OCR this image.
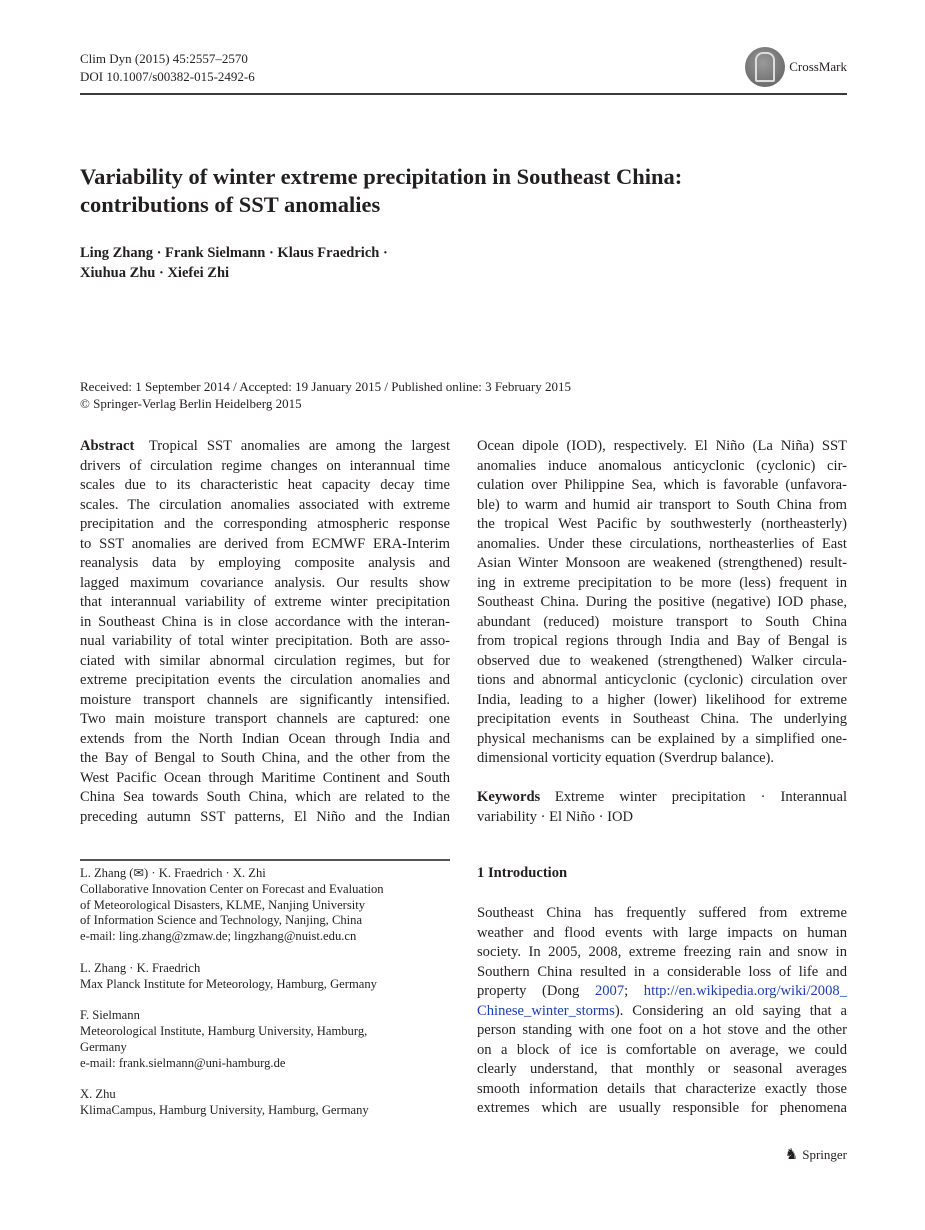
Clim Dyn (2015) 45:2557–2570
DOI 10.1007/s00382-015-2492-6
CrossMark
Variability of winter extreme precipitation in Southeast China:
contributions of SST anomalies
Ling Zhang · Frank Sielmann · Klaus Fraedrich ·
Xiuhua Zhu · Xiefei Zhi
Received: 1 September 2014 / Accepted: 19 January 2015 / Published online: 3 February 2015
© Springer-Verlag Berlin Heidelberg 2015
Abstract   Tropical SST anomalies are among the largest
drivers of circulation regime changes on interannual time
scales due to its characteristic heat capacity decay time
scales. The circulation anomalies associated with extreme
precipitation and the corresponding atmospheric response
to SST anomalies are derived from ECMWF ERA-Interim
reanalysis data by employing composite analysis and
lagged maximum covariance analysis. Our results show
that interannual variability of extreme winter precipitation
in Southeast China is in close accordance with the interan-
nual variability of total winter precipitation. Both are asso-
ciated with similar abnormal circulation regimes, but for
extreme precipitation events the circulation anomalies and
moisture transport channels are significantly intensified.
Two main moisture transport channels are captured: one
extends from the North Indian Ocean through India and
the Bay of Bengal to South China, and the other from the
West Pacific Ocean through Maritime Continent and South
China Sea towards South China, which are related to the
preceding autumn SST patterns, El Niño and the Indian
Ocean dipole (IOD), respectively. El Niño (La Niña) SST
anomalies induce anomalous anticyclonic (cyclonic) cir-
culation over Philippine Sea, which is favorable (unfavora-
ble) to warm and humid air transport to South China from
the tropical West Pacific by southwesterly (northeasterly)
anomalies. Under these circulations, northeasterlies of East
Asian Winter Monsoon are weakened (strengthened) result-
ing in extreme precipitation to be more (less) frequent in
Southeast China. During the positive (negative) IOD phase,
abundant (reduced) moisture transport to South China
from tropical regions through India and Bay of Bengal is
observed due to weakened (strengthened) Walker circula-
tions and abnormal anticyclonic (cyclonic) circulation over
India, leading to a higher (lower) likelihood for extreme
precipitation events in Southeast China. The underlying
physical mechanisms can be explained by a simplified one-
dimensional vorticity equation (Sverdrup balance).
Keywords   Extreme winter precipitation · Interannual
variability · El Niño · IOD

L. Zhang (✉) · K. Fraedrich · X. Zhi
Collaborative Innovation Center on Forecast and Evaluation
of Meteorological Disasters, KLME, Nanjing University
of Information Science and Technology, Nanjing, China
e-mail: ling.zhang@zmaw.de; lingzhang@nuist.edu.cn

L. Zhang · K. Fraedrich
Max Planck Institute for Meteorology, Hamburg, Germany

F. Sielmann
Meteorological Institute, Hamburg University, Hamburg,
Germany
e-mail: frank.sielmann@uni-hamburg.de

X. Zhu
KlimaCampus, Hamburg University, Hamburg, Germany

1 Introduction
Southeast China has frequently suffered from extreme
weather and flood events with large impacts on human
society. In 2005, 2008, extreme freezing rain and snow in
Southern China resulted in a considerable loss of life and
property (Dong 2007; http://en.wikipedia.org/wiki/2008_
Chinese_winter_storms). Considering an old saying that a
person standing with one foot on a hot stove and the other
on a block of ice is comfortable on average, we could
clearly understand, that monthly or seasonal averages
smooth information details that characterize exactly those
extremes which are usually responsible for phenomena
♞ Springer
